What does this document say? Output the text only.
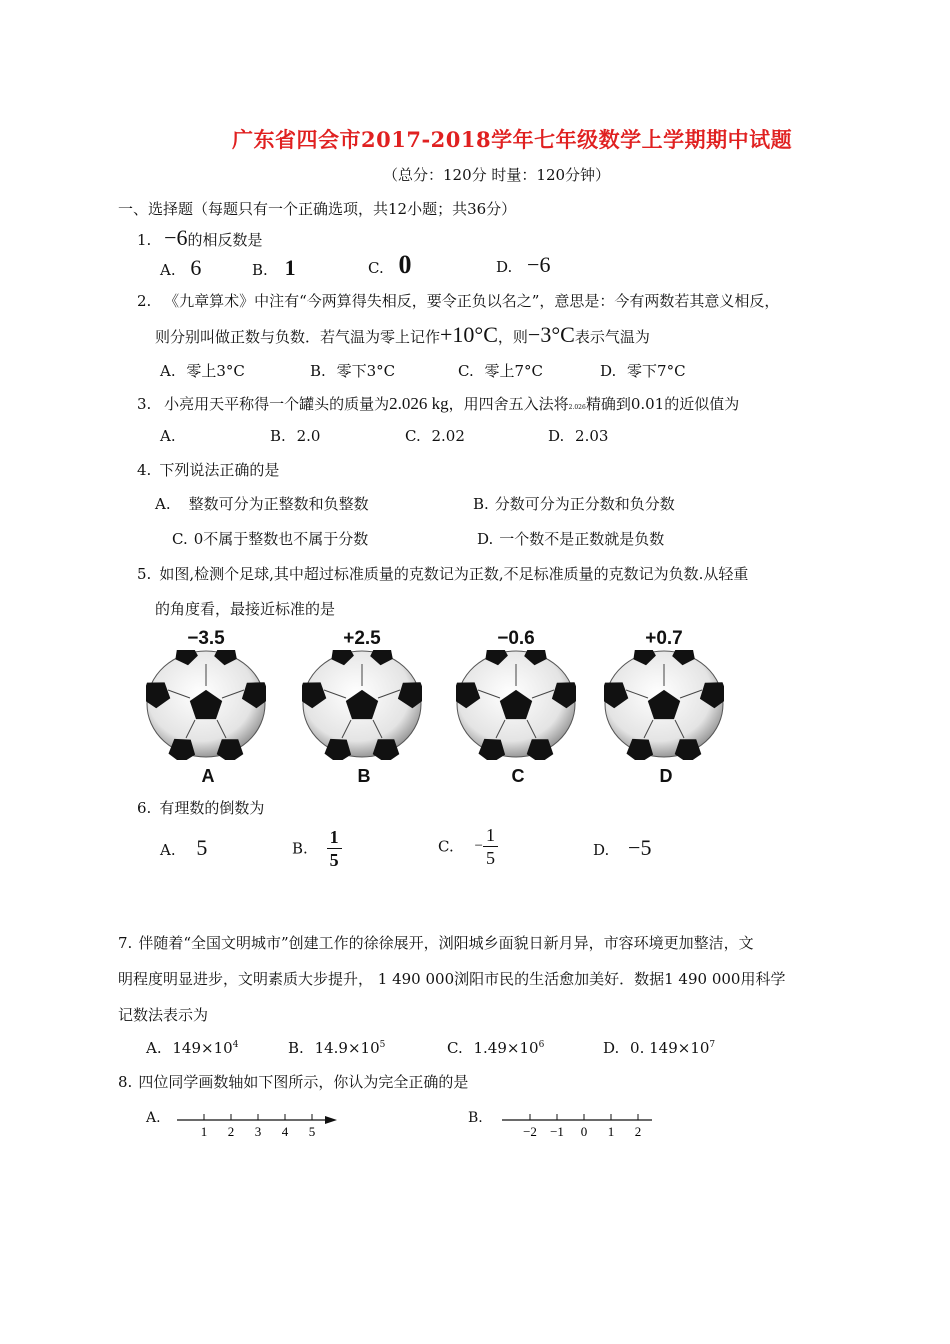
广东省四会市2017-2018学年七年级数学上学期期中试题
（总分：120分 时量：120分钟）
一、选择题（每题只有一个正确选项，共12小题；共36分）
1. −6的相反数是
A. 6	B. 1	C. 0	D. −6
2. 《九章算术》中注有“今两算得失相反，要令正负以名之”，意思是：今有两数若其意义相反，
则分别叫做正数与负数．若气温为零上记作+10°C，则−3°C表示气温为
A. 零上3°C	B. 零下3°C	C. 零上7°C	D. 零下7°C
3. 小亮用天平称得一个罐头的质量为2.026 kg，用四舍五入法将2.026精确到0.01的近似值为
A.	B. 2.0	C. 2.02	D. 2.03
4. 下列说法正确的是
A. 整数可分为正整数和负整数	B. 分数可分为正分数和负分数
C. 0不属于整数也不属于分数	D. 一个数不是正数就是负数
5. 如图,检测个足球,其中超过标准质量的克数记为正数,不足标准质量的克数记为负数.从轻重
的角度看，最接近标准的是
−3.5
A
+2.5
B
−0.6
C
+0.7
D
6. 有理数的倒数为
A. 5	B. $\frac{1}{5}$	C. − $\frac{1}{5}$	D. −5
7. 伴随着“全国文明城市”创建工作的徐徐展开，浏阳城乡面貌日新月异，市容环境更加整洁，文
明程度明显进步，文明素质大步提升， 1 490 000浏阳市民的生活愈加美好．数据1 490 000用科学
记数法表示为
A. $149\times 10^4$	B. $14.9\times 10^5$	C. $1.49\times 10^6$	D. 0. $149\times 10^7$
8. 四位同学画数轴如下图所示，你认为完全正确的是
A.	B.
1 2 3 4 5	−2 −1 0 1 2
